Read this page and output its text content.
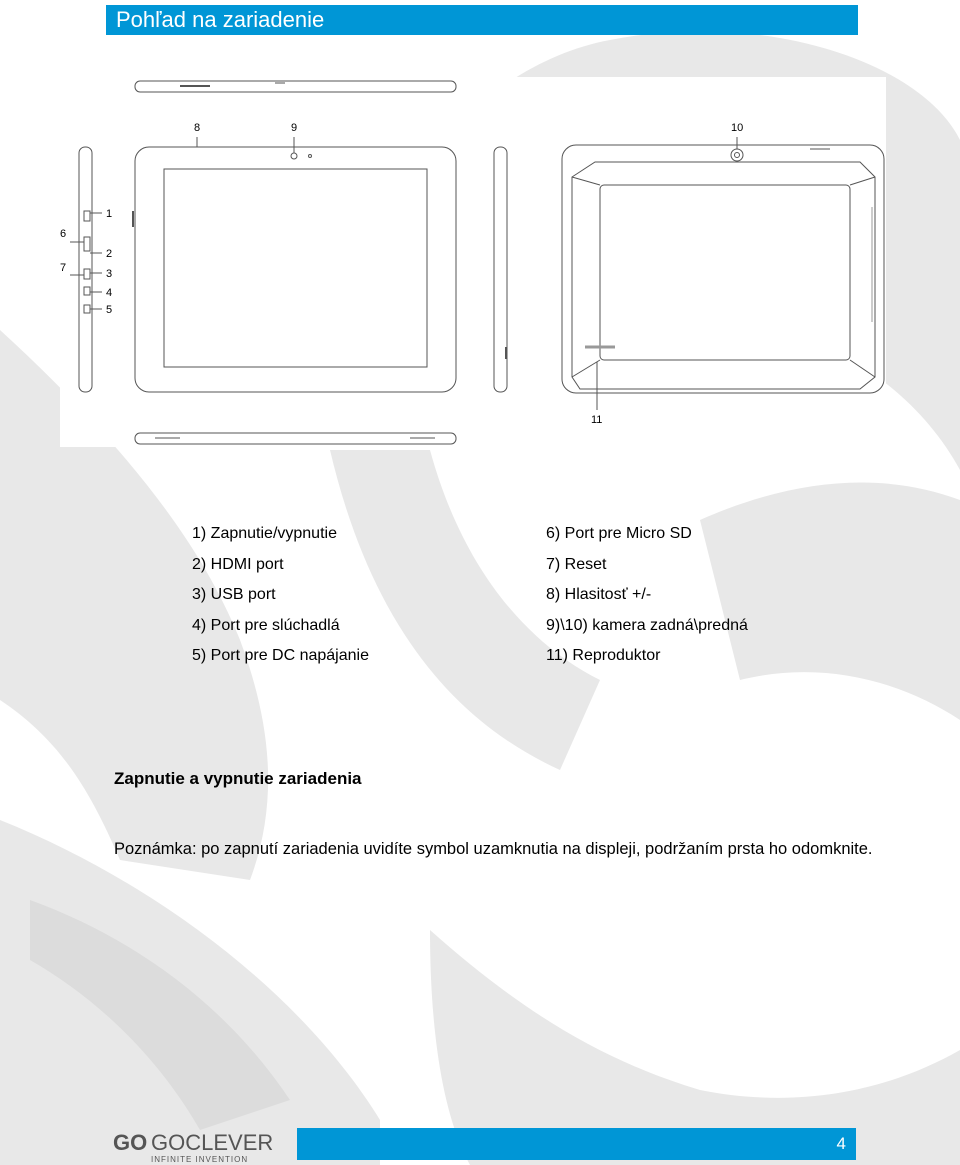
Pohľad na zariadenie
1
2
3
4
5
6
7
8	9	10
11
1) Zapnutie/vypnutie
2) HDMI port
3) USB port
4) Port pre slúchadlá
5) Port pre DC napájanie
6) Port pre Micro SD
7) Reset
8) Hlasitosť +/-
9)\10) kamera zadná\predná
11) Reproduktor
Zapnutie a vypnutie zariadenia
Poznámka: po zapnutí zariadenia uvidíte symbol uzamknutia na displeji, podržaním prsta ho odomknite.
GO GOCLEVER
INFINITE INVENTION
4
